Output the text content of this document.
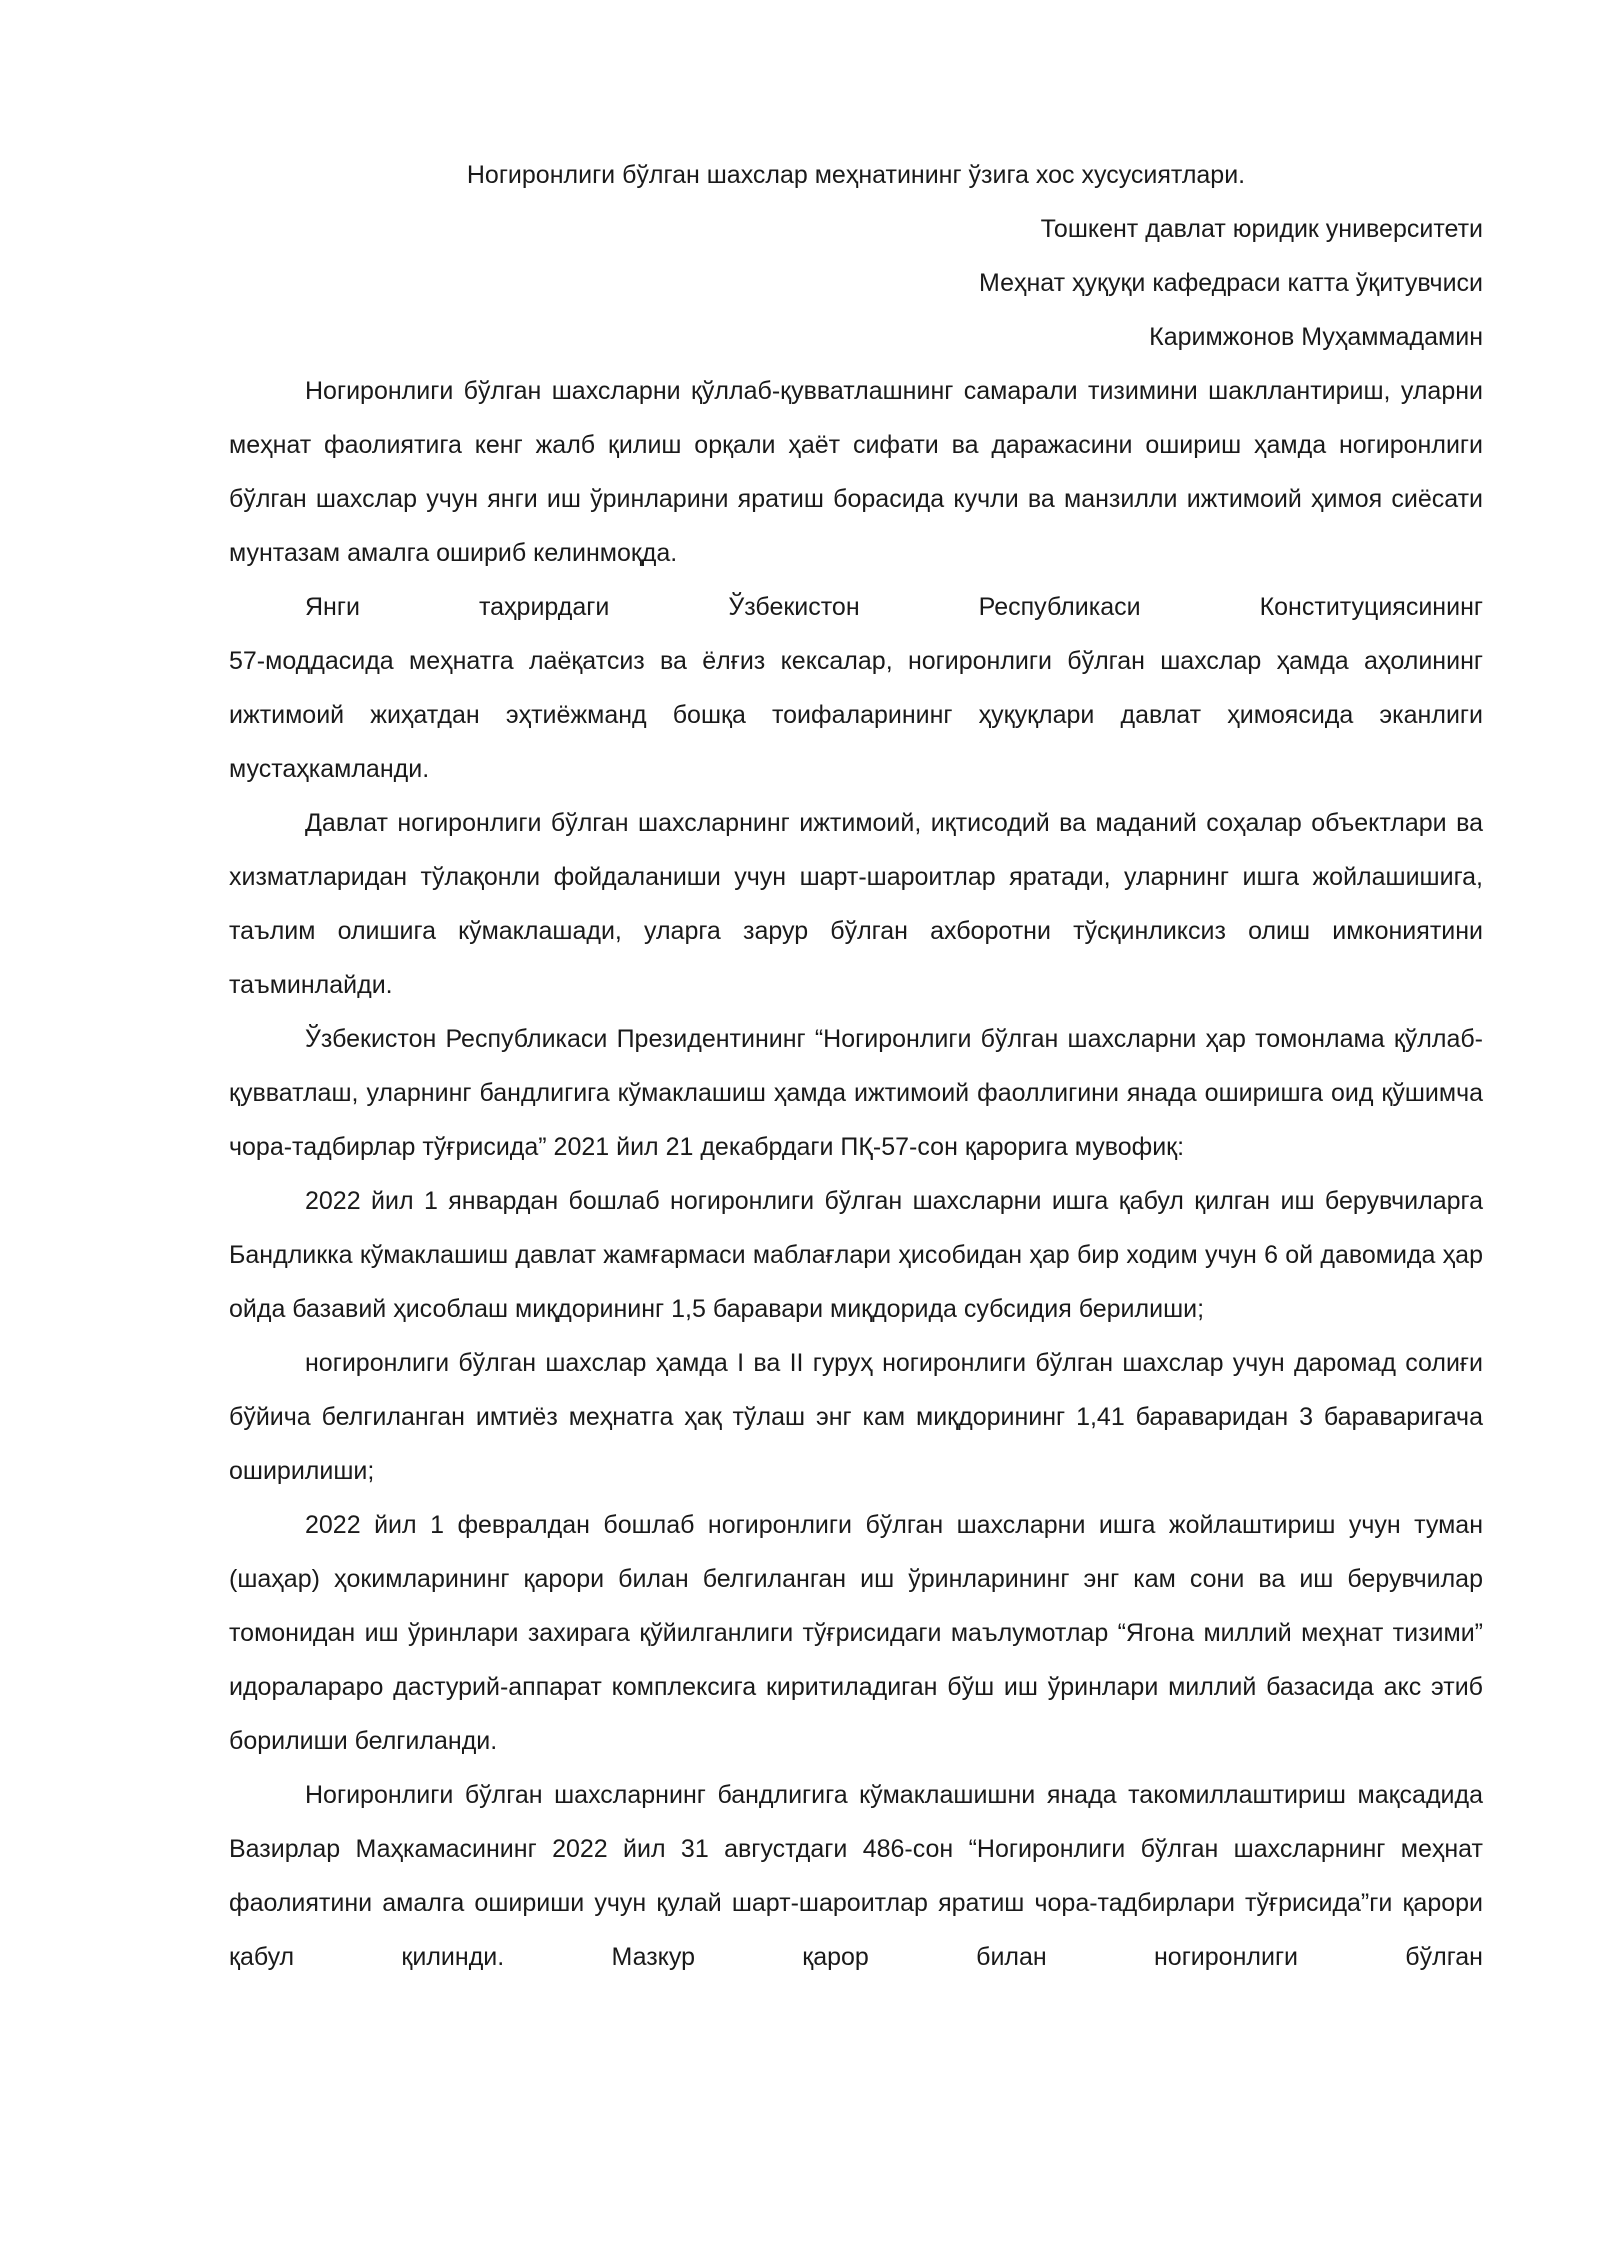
Ногиронлиги бўлган шахслар меҳнатининг ўзига хос хусусиятлари.

Тошкент давлат юридик университети

Меҳнат ҳуқуқи кафедраси катта ўқитувчиси

Каримжонов Муҳаммадамин

Ногиронлиги бўлган шахсларни қўллаб-қувватлашнинг самарали тизимини шакллантириш, уларни меҳнат фаолиятига кенг жалб қилиш орқали ҳаёт сифати ва даражасини ошириш ҳамда ногиронлиги бўлган шахслар учун янги иш ўринларини яратиш борасида кучли ва манзилли ижтимоий ҳимоя сиёсати мунтазам амалга ошириб келинмоқда.

Янги таҳрирдаги Ўзбекистон Республикаси Конституциясининг

57-моддасида меҳнатга лаёқатсиз ва ёлғиз кексалар, ногиронлиги бўлган шахслар ҳамда аҳолининг ижтимоий жиҳатдан эҳтиёжманд бошқа тоифаларининг ҳуқуқлари давлат ҳимоясида эканлиги мустаҳкамланди.

Давлат ногиронлиги бўлган шахсларнинг ижтимоий, иқтисодий ва маданий соҳалар объектлари ва хизматларидан тўлақонли фойдаланиши учун шарт-шароитлар яратади, уларнинг ишга жойлашишига, таълим олишига кўмаклашади, уларга зарур бўлган ахборотни тўсқинликсиз олиш имкониятини таъминлайди.

Ўзбекистон Республикаси Президентининг “Ногиронлиги бўлган шахсларни ҳар томонлама қўллаб-қувватлаш, уларнинг бандлигига кўмаклашиш ҳамда ижтимоий фаоллигини янада оширишга оид қўшимча чора-тадбирлар тўғрисида” 2021 йил 21 декабрдаги ПҚ-57-сон қарорига мувофиқ:

2022 йил 1 январдан бошлаб ногиронлиги бўлган шахсларни ишга қабул қилган иш берувчиларга Бандликка кўмаклашиш давлат жамғармаси маблағлари ҳисобидан ҳар бир ходим учун 6 ой давомида ҳар ойда базавий ҳисоблаш миқдорининг 1,5 баравари миқдорида субсидия берилиши;

ногиронлиги бўлган шахслар ҳамда I ва II гуруҳ ногиронлиги бўлган шахслар учун даромад солиғи бўйича белгиланган имтиёз меҳнатга ҳақ тўлаш энг кам миқдорининг 1,41 бараваридан 3 бараваригача оширилиши;

2022 йил 1 февралдан бошлаб ногиронлиги бўлган шахсларни ишга жойлаштириш учун туман (шаҳар) ҳокимларининг қарори билан белгиланган иш ўринларининг энг кам сони ва иш берувчилар томонидан иш ўринлари захирага қўйилганлиги тўғрисидаги маълумотлар “Ягона миллий меҳнат тизими” идораларaро дастурий-аппарат комплексига киритиладиган бўш иш ўринлари миллий базасида акс этиб борилиши белгиланди.

Ногиронлиги бўлган шахсларнинг бандлигига кўмаклашишни янада такомиллаштириш мақсадида Вазирлар Маҳкамасининг 2022 йил 31 августдаги 486-сон “Ногиронлиги бўлган шахсларнинг меҳнат фаолиятини амалга ошириши учун қулай шарт-шароитлар яратиш чора-тадбирлари тўғрисида”ги қарори қабул қилинди. Мазкур қарор билан ногиронлиги бўлган
